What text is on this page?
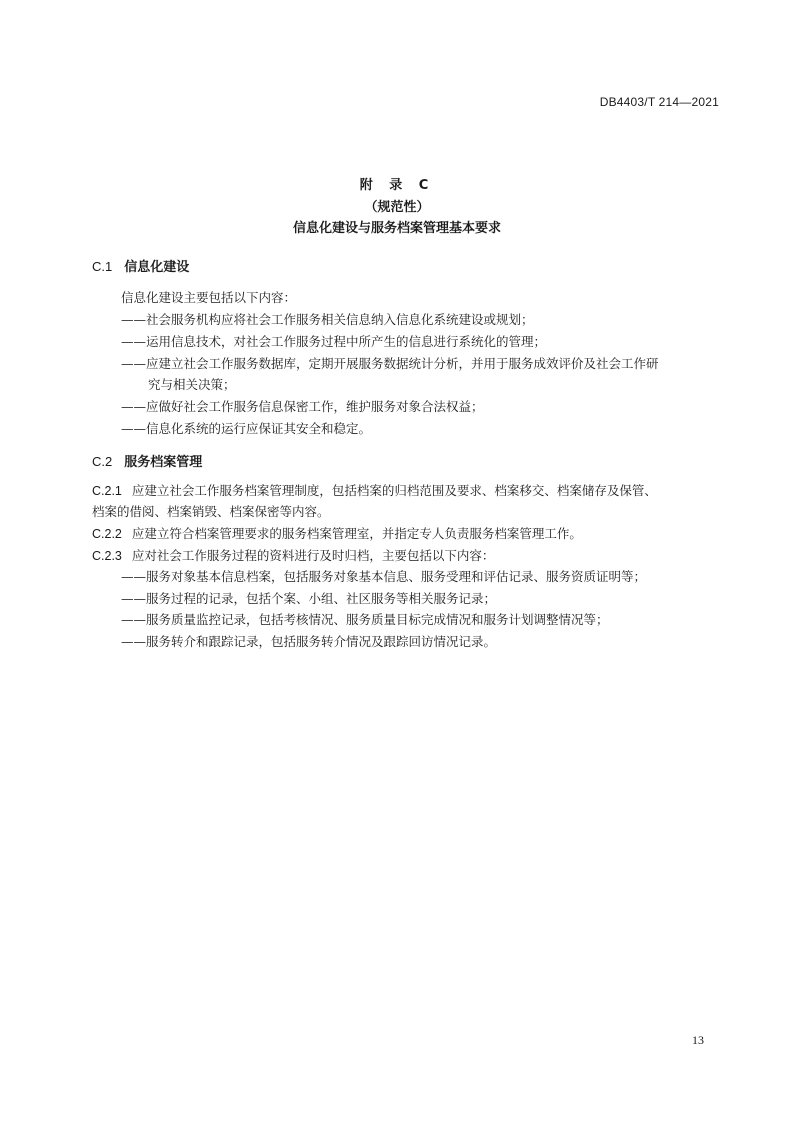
DB4403/T 214—2021
附 录 C
（规范性）
信息化建设与服务档案管理基本要求
C.1 信息化建设
信息化建设主要包括以下内容：
——社会服务机构应将社会工作服务相关信息纳入信息化系统建设或规划；
——运用信息技术，对社会工作服务过程中所产生的信息进行系统化的管理；
——应建立社会工作服务数据库，定期开展服务数据统计分析，并用于服务成效评价及社会工作研
究与相关决策；
——应做好社会工作服务信息保密工作，维护服务对象合法权益；
——信息化系统的运行应保证其安全和稳定。
C.2 服务档案管理
C.2.1 应建立社会工作服务档案管理制度，包括档案的归档范围及要求、档案移交、档案储存及保管、
档案的借阅、档案销毁、档案保密等内容。
C.2.2 应建立符合档案管理要求的服务档案管理室，并指定专人负责服务档案管理工作。
C.2.3 应对社会工作服务过程的资料进行及时归档，主要包括以下内容：
——服务对象基本信息档案，包括服务对象基本信息、服务受理和评估记录、服务资质证明等；
——服务过程的记录，包括个案、小组、社区服务等相关服务记录；
——服务质量监控记录，包括考核情况、服务质量目标完成情况和服务计划调整情况等；
——服务转介和跟踪记录，包括服务转介情况及跟踪回访情况记录。
13
